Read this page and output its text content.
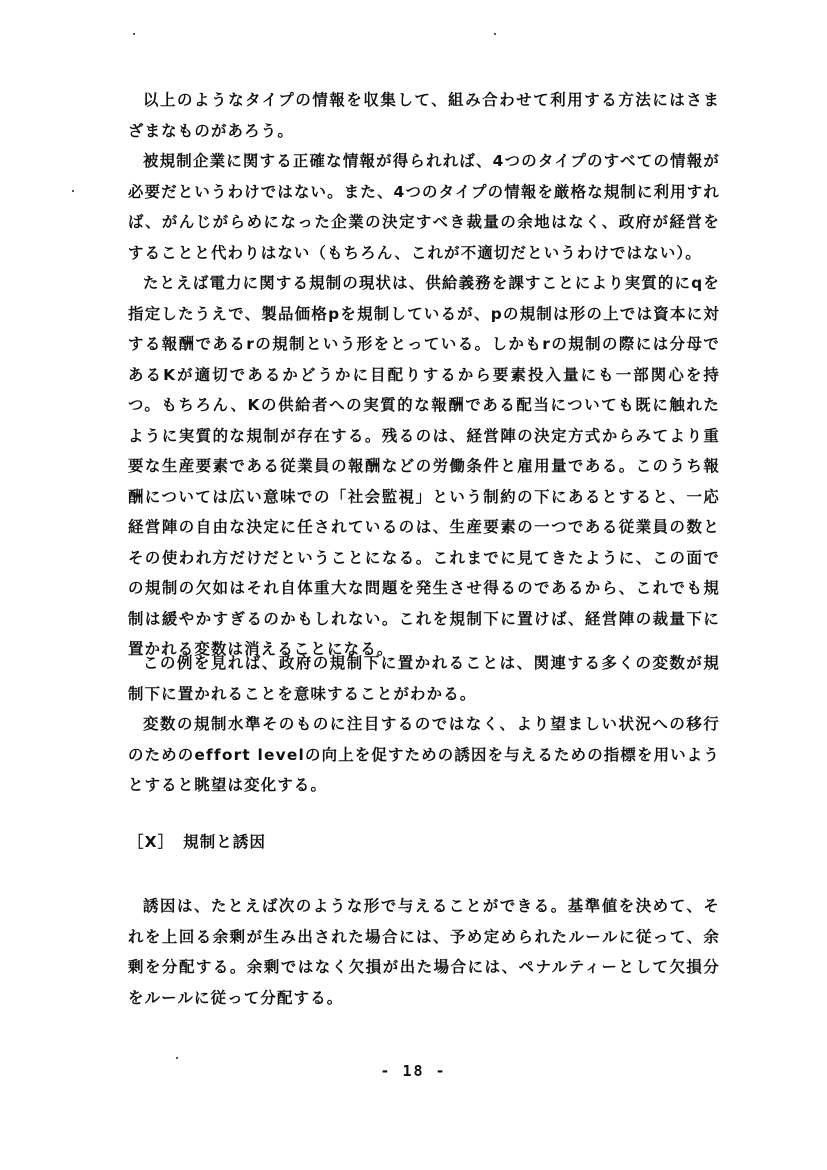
以上のようなタイプの情報を収集して、組み合わせて利用する方法にはさまざまなものがあろう。

被規制企業に関する正確な情報が得られれば、4つのタイプのすべての情報が必要だというわけではない。また、4つのタイプの情報を厳格な規制に利用すれば、がんじがらめになった企業の決定すべき裁量の余地はなく、政府が経営をすることと代わりはない（もちろん、これが不適切だというわけではない）。

たとえば電力に関する規制の現状は、供給義務を課すことにより実質的にqを指定したうえで、製品価格pを規制しているが、pの規制は形の上では資本に対する報酬であるrの規制という形をとっている。しかもrの規制の際には分母であるKが適切であるかどうかに目配りするから要素投入量にも一部関心を持つ。もちろん、Kの供給者への実質的な報酬である配当についても既に触れたように実質的な規制が存在する。残るのは、経営陣の決定方式からみてより重要な生産要素である従業員の報酬などの労働条件と雇用量である。このうち報酬については広い意味での「社会監視」という制約の下にあるとすると、一応経営陣の自由な決定に任されているのは、生産要素の一つである従業員の数とその使われ方だけだということになる。これまでに見てきたように、この面での規制の欠如はそれ自体重大な問題を発生させ得るのであるから、これでも規制は緩やかすぎるのかもしれない。これを規制下に置けば、経営陣の裁量下に置かれる変数は消えることになる。

この例を見れば、政府の規制下に置かれることは、関連する多くの変数が規制下に置かれることを意味することがわかる。

変数の規制水準そのものに注目するのではなく、より望ましい状況への移行のためのeffort levelの向上を促すための誘因を与えるための指標を用いようとすると眺望は変化する。

［Ⅹ］　規制と誘因

誘因は、たとえば次のような形で与えることができる。基準値を決めて、それを上回る余剰が生み出された場合には、予め定められたルールに従って、余剰を分配する。余剰ではなく欠損が出た場合には、ペナルティーとして欠損分をルールに従って分配する。

- 18 -
